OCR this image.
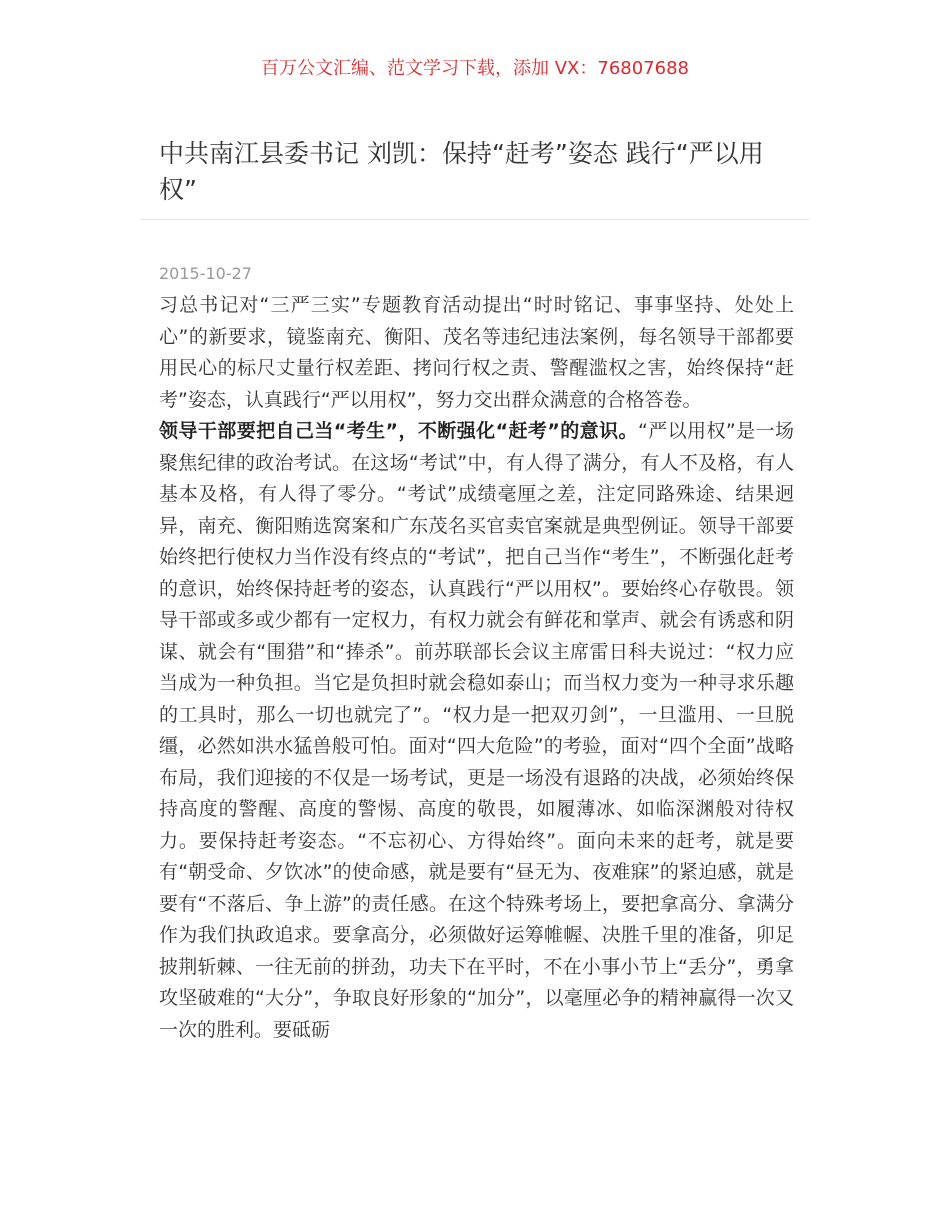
百万公文汇编、范文学习下载，添加 VX：76807688
中共南江县委书记 刘凯：保持“赶考”姿态 践行“严以用权”
2015-10-27

习总书记对“三严三实”专题教育活动提出“时时铭记、事事坚持、处处上心”的新要求，镜鉴南充、衡阳、茂名等违纪违法案例，每名领导干部都要用民心的标尺丈量行权差距、拷问行权之责、警醒滥权之害，始终保持“赶考”姿态，认真践行“严以用权”，努力交出群众满意的合格答卷。

领导干部要把自己当“考生”，不断强化“赶考”的意识。“严以用权”是一场聚焦纪律的政治考试。在这场“考试”中，有人得了满分，有人不及格，有人基本及格，有人得了零分。“考试”成绩毫厘之差，注定同路殊途、结果迥异，南充、衡阳贿选窝案和广东茂名买官卖官案就是典型例证。领导干部要始终把行使权力当作没有终点的“考试”，把自己当作“考生”，不断强化赶考的意识，始终保持赶考的姿态，认真践行“严以用权”。要始终心存敬畏。领导干部或多或少都有一定权力，有权力就会有鲜花和掌声、就会有诱惑和阴谋、就会有“围猎”和“捧杀”。前苏联部长会议主席雷日科夫说过：“权力应当成为一种负担。当它是负担时就会稳如泰山；而当权力变为一种寻求乐趣的工具时，那么一切也就完了”。“权力是一把双刃剑”，一旦滥用、一旦脱缰，必然如洪水猛兽般可怕。面对“四大危险”的考验，面对“四个全面”战略布局，我们迎接的不仅是一场考试，更是一场没有退路的决战，必须始终保持高度的警醒、高度的警惕、高度的敬畏，如履薄冰、如临深渊般对待权力。要保持赶考姿态。“不忘初心、方得始终”。面向未来的赶考，就是要有“朝受命、夕饮冰”的使命感，就是要有“昼无为、夜难寐”的紧迫感，就是要有“不落后、争上游”的责任感。在这个特殊考场上，要把拿高分、拿满分作为我们执政追求。要拿高分，必须做好运筹帷幄、决胜千里的准备，卯足披荆斩棘、一往无前的拼劲，功夫下在平时，不在小事小节上“丢分”，勇拿攻坚破难的“大分”，争取良好形象的“加分”，以毫厘必争的精神赢得一次又一次的胜利。要砥砺
